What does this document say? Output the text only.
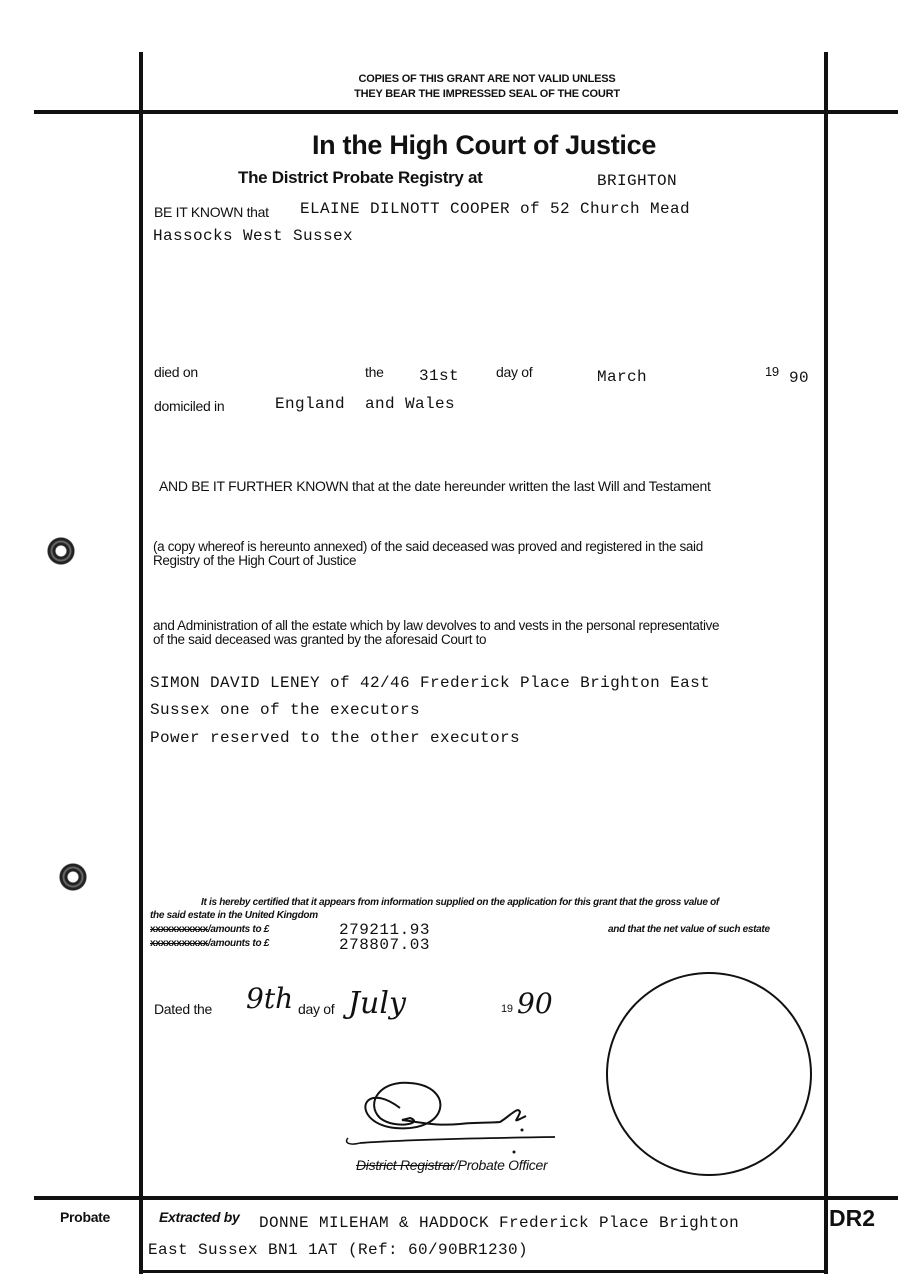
COPIES OF THIS GRANT ARE NOT VALID UNLESS
THEY BEAR THE IMPRESSED SEAL OF THE COURT
In the High Court of Justice
The District Probate Registry at	BRIGHTON
BE IT KNOWN that ELAINE DILNOTT COOPER of 52 Church Mead
Hassocks West Sussex
died on	the 31st	day of	March	19 90
domiciled in	England  and Wales
AND BE IT FURTHER KNOWN that at the date hereunder written the last Will and Testament
(a copy whereof is hereunto annexed) of the said deceased was proved and registered in the said
Registry of the High Court of Justice
and Administration of all the estate which by law devolves to and vests in the personal representative
of the said deceased was granted by the aforesaid Court to
SIMON DAVID LENEY of 42/46 Frederick Place Brighton East
Sussex one of the executors
Power reserved to the other executors
It is hereby certified that it appears from information supplied on the application for this grant that the gross value of
the said estate in the United Kingdom
xxxxxxxxxxx/amounts to £	279211.93	and that the net value of such estate
xxxxxxxxxxx/amounts to £	278807.03
Dated the 9th day of July	19 90
District Registrar/Probate Officer
Probate	Extracted by DONNE MILEHAM & HADDOCK Frederick Place Brighton
East Sussex BN1 1AT (Ref: 60/90BR1230)
DR2
